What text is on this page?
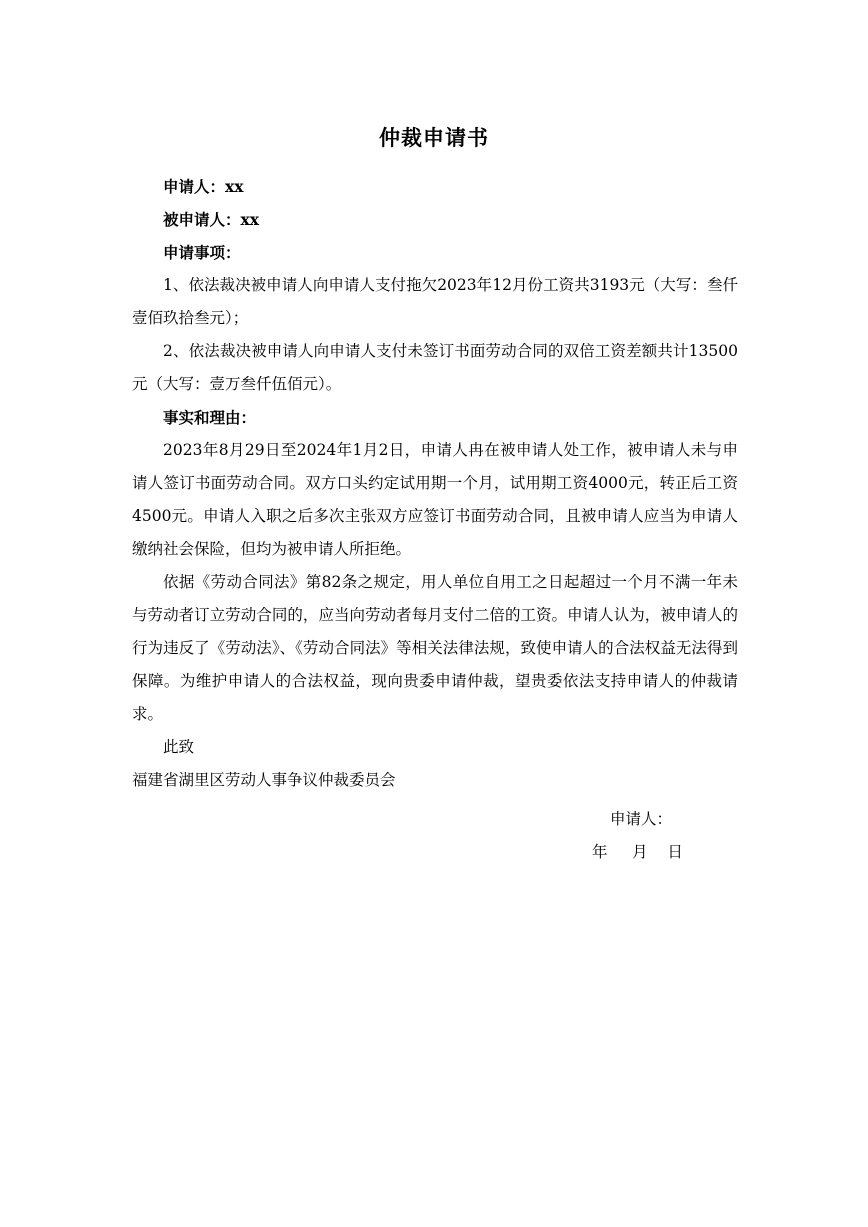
仲裁申请书

申请人：xx

被申请人：xx

申请事项：

1、依法裁决被申请人向申请人支付拖欠2023年12月份工资共3193元（大写：叁仟壹佰玖拾叁元）；

2、依法裁决被申请人向申请人支付未签订书面劳动合同的双倍工资差额共计13500元（大写：壹万叁仟伍佰元）。

事实和理由：

2023年8月29日至2024年1月2日，申请人冉在被申请人处工作，被申请人未与申请人签订书面劳动合同。双方口头约定试用期一个月，试用期工资4000元，转正后工资4500元。申请人入职之后多次主张双方应签订书面劳动合同，且被申请人应当为申请人缴纳社会保险，但均为被申请人所拒绝。

依据《劳动合同法》第82条之规定，用人单位自用工之日起超过一个月不满一年未与劳动者订立劳动合同的，应当向劳动者每月支付二倍的工资。申请人认为，被申请人的行为违反了《劳动法》、《劳动合同法》等相关法律法规，致使申请人的合法权益无法得到保障。为维护申请人的合法权益，现向贵委申请仲裁，望贵委依法支持申请人的仲裁请求。

此致

福建省湖里区劳动人事争议仲裁委员会

申请人：
年     月    日
